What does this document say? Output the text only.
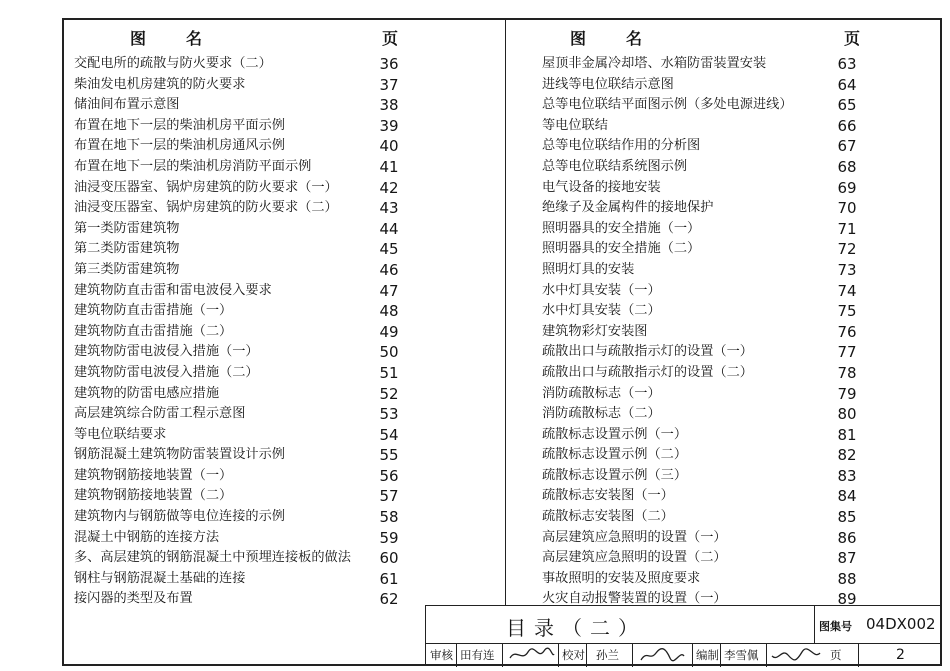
图名	页
交配电所的疏散与防火要求（二）	36
柴油发电机房建筑的防火要求	37
储油间布置示意图	38
布置在地下一层的柴油机房平面示例	39
布置在地下一层的柴油机房通风示例	40
布置在地下一层的柴油机房消防平面示例	41
油浸变压器室、锅炉房建筑的防火要求（一）	42
油浸变压器室、锅炉房建筑的防火要求（二）	43
第一类防雷建筑物	44
第二类防雷建筑物	45
第三类防雷建筑物	46
建筑物防直击雷和雷电波侵入要求	47
建筑物防直击雷措施（一）	48
建筑物防直击雷措施（二）	49
建筑物防雷电波侵入措施（一）	50
建筑物防雷电波侵入措施（二）	51
建筑物的防雷电感应措施	52
高层建筑综合防雷工程示意图	53
等电位联结要求	54
钢筋混凝土建筑物防雷装置设计示例	55
建筑物钢筋接地装置（一）	56
建筑物钢筋接地装置（二）	57
建筑物内与钢筋做等电位连接的示例	58
混凝土中钢筋的连接方法	59
多、高层建筑的钢筋混凝土中预埋连接板的做法	60
钢柱与钢筋混凝土基础的连接	61
接闪器的类型及布置	62
图名	页
屋顶非金属冷却塔、水箱防雷装置安装	63
进线等电位联结示意图	64
总等电位联结平面图示例（多处电源进线）	65
等电位联结	66
总等电位联结作用的分析图	67
总等电位联结系统图示例	68
电气设备的接地安装	69
绝缘子及金属构件的接地保护	70
照明器具的安全措施（一）	71
照明器具的安全措施（二）	72
照明灯具的安装	73
水中灯具安装（一）	74
水中灯具安装（二）	75
建筑物彩灯安装图	76
疏散出口与疏散指示灯的设置（一）	77
疏散出口与疏散指示灯的设置（二）	78
消防疏散标志（一）	79
消防疏散标志（二）	80
疏散标志设置示例（一）	81
疏散标志设置示例（二）	82
疏散标志设置示例（三）	83
疏散标志安装图（一）	84
疏散标志安装图（二）	85
高层建筑应急照明的设置（一）	86
高层建筑应急照明的设置（二）	87
事故照明的安装及照度要求	88
火灾自动报警装置的设置（一）	89
目录（二）	图集号 04DX002
审核 田有连	校对 孙兰	编制 李雪佩	页	2
